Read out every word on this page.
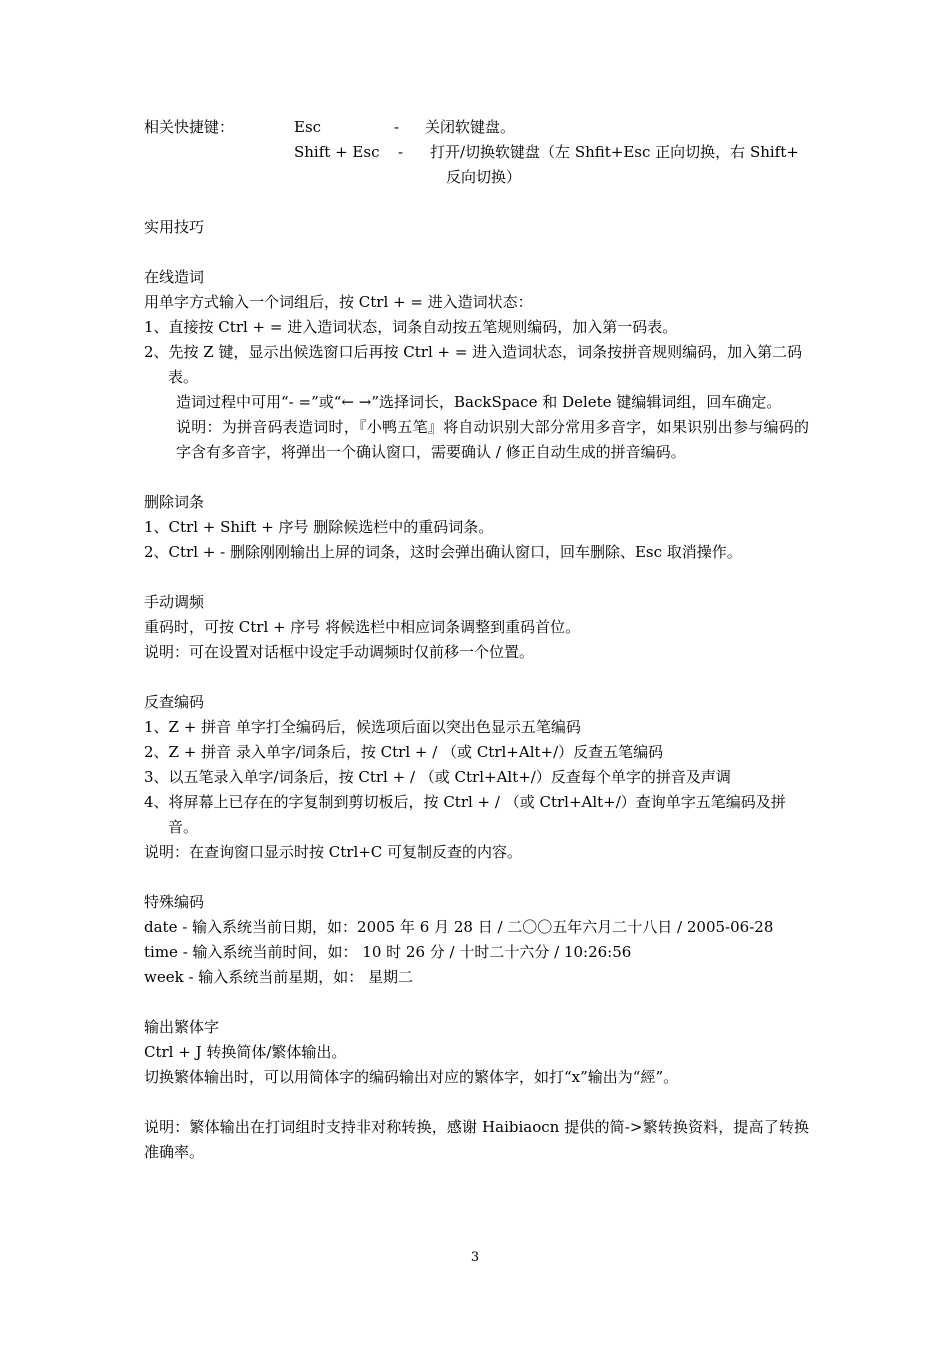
相关快捷键：	Esc	- 关闭软键盘。
Shift + Esc - 打开/切换软键盘（左 Shfit+Esc 正向切换，右 Shift+
反向切换）
实用技巧
在线造词
用单字方式输入一个词组后，按 Ctrl + = 进入造词状态：
1、直接按 Ctrl + = 进入造词状态，词条自动按五笔规则编码，加入第一码表。
2、先按 Z 键，显示出候选窗口后再按 Ctrl + = 进入造词状态，词条按拼音规则编码，加入第二码表。
造词过程中可用“- =”或“← →”选择词长，BackSpace 和 Delete 键编辑词组，回车确定。
说明：为拼音码表造词时，『小鸭五笔』将自动识别大部分常用多音字，如果识别出参与编码的字含有多音字，将弹出一个确认窗口，需要确认 / 修正自动生成的拼音编码。
删除词条
1、Ctrl + Shift + 序号 删除候选栏中的重码词条。
2、Ctrl + - 删除刚刚输出上屏的词条，这时会弹出确认窗口，回车删除、Esc 取消操作。
手动调频
重码时，可按 Ctrl + 序号 将候选栏中相应词条调整到重码首位。
说明：可在设置对话框中设定手动调频时仅前移一个位置。
反查编码
1、Z + 拼音 单字打全编码后，候选项后面以突出色显示五笔编码
2、Z + 拼音 录入单字/词条后，按 Ctrl + / （或 Ctrl+Alt+/）反查五笔编码
3、以五笔录入单字/词条后，按 Ctrl + / （或 Ctrl+Alt+/）反查每个单字的拼音及声调
4、将屏幕上已存在的字复制到剪切板后，按 Ctrl + / （或 Ctrl+Alt+/）查询单字五笔编码及拼音。
说明：在查询窗口显示时按 Ctrl+C 可复制反查的内容。
特殊编码
date - 输入系统当前日期，如：2005 年 6 月 28 日 / 二〇〇五年六月二十八日 / 2005-06-28
time - 输入系统当前时间，如： 10 时 26 分 / 十时二十六分 / 10:26:56
week - 输入系统当前星期，如： 星期二
输出繁体字
Ctrl + J 转换简体/繁体输出。
切换繁体输出时，可以用简体字的编码输出对应的繁体字，如打“x”输出为“經”。
说明：繁体输出在打词组时支持非对称转换，感谢 Haibiaocn 提供的简->繁转换资料，提高了转换准确率。
3
